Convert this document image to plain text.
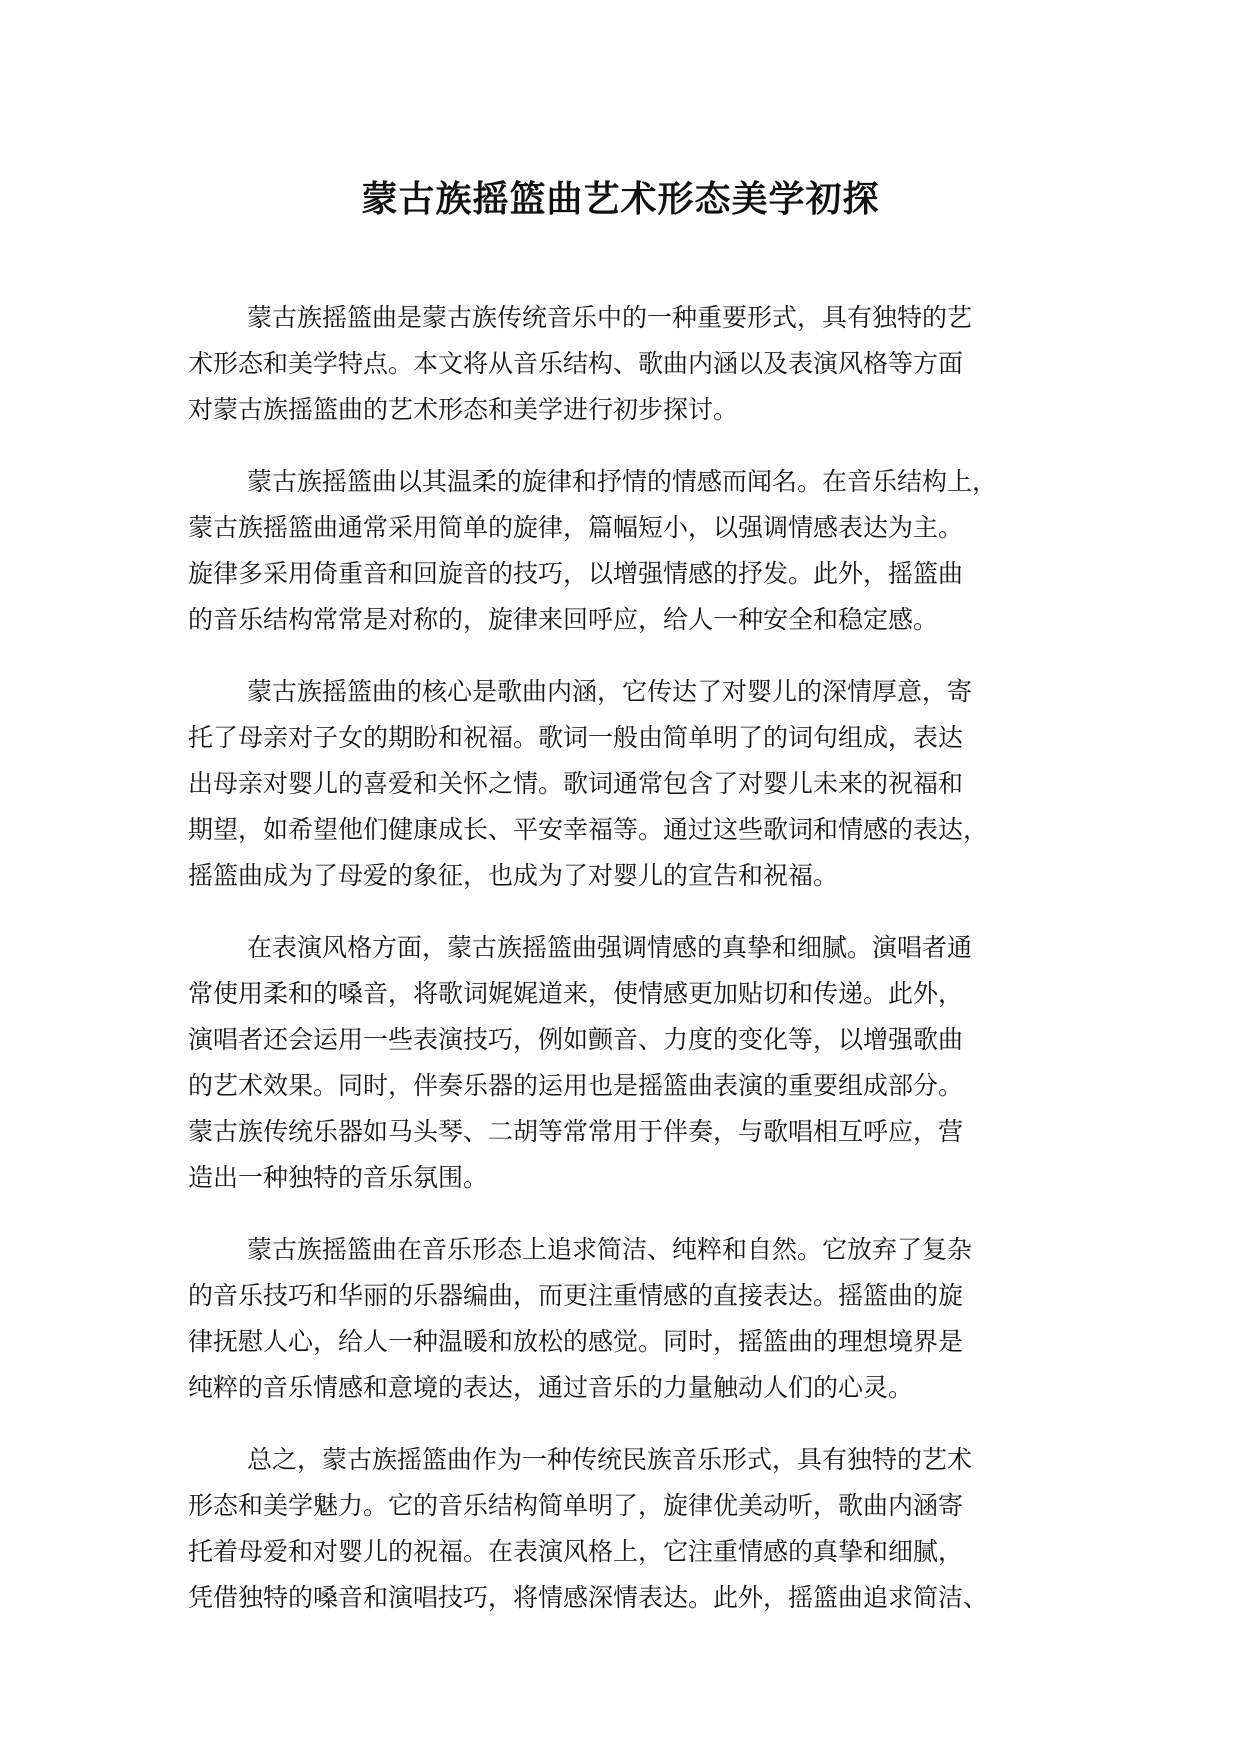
蒙古族摇篮曲艺术形态美学初探
蒙古族摇篮曲是蒙古族传统音乐中的一种重要形式，具有独特的艺
术形态和美学特点。本文将从音乐结构、歌曲内涵以及表演风格等方面
对蒙古族摇篮曲的艺术形态和美学进行初步探讨。
蒙古族摇篮曲以其温柔的旋律和抒情的情感而闻名。在音乐结构上，
蒙古族摇篮曲通常采用简单的旋律，篇幅短小，以强调情感表达为主。
旋律多采用倚重音和回旋音的技巧，以增强情感的抒发。此外，摇篮曲
的音乐结构常常是对称的，旋律来回呼应，给人一种安全和稳定感。
蒙古族摇篮曲的核心是歌曲内涵，它传达了对婴儿的深情厚意，寄
托了母亲对子女的期盼和祝福。歌词一般由简单明了的词句组成，表达
出母亲对婴儿的喜爱和关怀之情。歌词通常包含了对婴儿未来的祝福和
期望，如希望他们健康成长、平安幸福等。通过这些歌词和情感的表达，
摇篮曲成为了母爱的象征，也成为了对婴儿的宣告和祝福。
在表演风格方面，蒙古族摇篮曲强调情感的真挚和细腻。演唱者通
常使用柔和的嗓音，将歌词娓娓道来，使情感更加贴切和传递。此外，
演唱者还会运用一些表演技巧，例如颤音、力度的变化等，以增强歌曲
的艺术效果。同时，伴奏乐器的运用也是摇篮曲表演的重要组成部分。
蒙古族传统乐器如马头琴、二胡等常常用于伴奏，与歌唱相互呼应，营
造出一种独特的音乐氛围。
蒙古族摇篮曲在音乐形态上追求简洁、纯粹和自然。它放弃了复杂
的音乐技巧和华丽的乐器编曲，而更注重情感的直接表达。摇篮曲的旋
律抚慰人心，给人一种温暖和放松的感觉。同时，摇篮曲的理想境界是
纯粹的音乐情感和意境的表达，通过音乐的力量触动人们的心灵。
总之，蒙古族摇篮曲作为一种传统民族音乐形式，具有独特的艺术
形态和美学魅力。它的音乐结构简单明了，旋律优美动听，歌曲内涵寄
托着母爱和对婴儿的祝福。在表演风格上，它注重情感的真挚和细腻，
凭借独特的嗓音和演唱技巧，将情感深情表达。此外，摇篮曲追求简洁、
